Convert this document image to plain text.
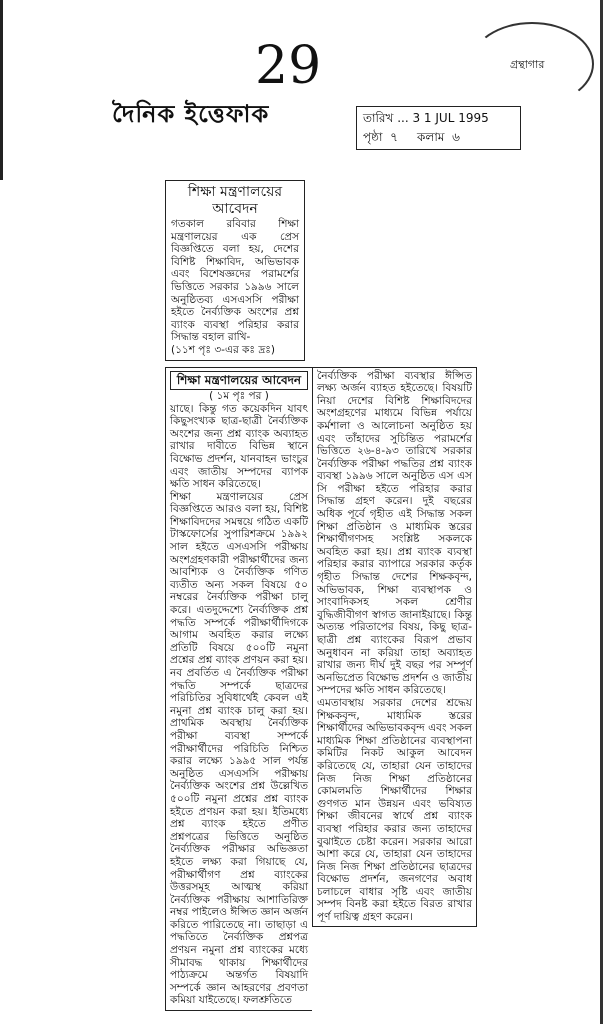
29
দৈনিক ইত্তেফাক
গ্রন্থাগার
তারিখ ... 3 1 JUL 1995
পৃষ্ঠা ৭ কলাম ৬
শিক্ষা মন্ত্রণালয়ের আবেদন

গতকাল রবিবার শিক্ষা মন্ত্রণালয়ের এক প্রেস বিজ্ঞপ্তিতে বলা হয়, দেশের বিশিষ্ট শিক্ষাবিদ, অভিভাবক এবং বিশেষজ্ঞদের পরামর্শের ভিত্তিতে সরকার ১৯৯৬ সালে অনুষ্ঠিতব্য এসএসসি পরীক্ষা হইতে নৈর্ব্যক্তিক অংশের প্রশ্ন ব্যাংক ব্যবস্থা পরিহার করার সিদ্ধান্ত বহাল রাখি-

(১১শ পৃঃ ৩-এর কঃ দ্রঃ)

শিক্ষা মন্ত্রণালয়ের আবেদন
( ১ম পৃঃ পর )

য়াছে। কিন্তু গত কয়েকদিন যাবৎ কিছুসংখ্যক ছাত্র-ছাত্রী নৈর্ব্যক্তিক অংশের জন্য প্রশ্ন ব্যাংক অব্যাহত রাখার দাবীতে বিভিন্ন স্থানে বিক্ষোভ প্রদর্শন, যানবাহন ভাংচুর এবং জাতীয় সম্পদের ব্যাপক ক্ষতি সাধন করিতেছে।

শিক্ষা মন্ত্রণালয়ের প্রেস বিজ্ঞপ্তিতে আরও বলা হয়, বিশিষ্ট শিক্ষাবিদদের সমন্বয়ে গঠিত একটি টাস্কফোর্সের সুপারিশক্রমে ১৯৯২ সাল হইতে এসএসসি পরীক্ষায় অংশগ্রহণকারী পরীক্ষার্থীদের জন্য আবশ্যিক ও নৈর্ব্যক্তিক গণিত ব্যতীত অন্য সকল বিষয়ে ৫০ নম্বরের নৈর্ব্যক্তিক পরীক্ষা চালু করে। এতদুদ্দেশ্যে নৈর্ব্যক্তিক প্রশ্ন পদ্ধতি সম্পর্কে পরীক্ষার্থীদিগকে আগাম অবহিত করার লক্ষ্যে প্রতিটি বিষয়ে ৫০০টি নমুনা প্রশ্নের প্রশ্ন ব্যাংক প্রণয়ন করা হয়। নব প্রবর্তিত এ নৈর্ব্যক্তিক পরীক্ষা পদ্ধতি সম্পর্কে ছাত্রদের পরিচিতির সুবিধার্থেই কেবল এই নমুনা প্রশ্ন ব্যাংক চালু করা হয়। প্রাথমিক অবস্থায় নৈর্ব্যক্তিক পরীক্ষা ব্যবস্থা সম্পর্কে পরীক্ষার্থীদের পরিচিতি নিশ্চিত করার লক্ষ্যে ১৯৯৫ সাল পর্যন্ত অনুষ্ঠিত এসএসসি পরীক্ষায় নৈর্ব্যক্তিক অংশের প্রশ্ন উল্লেখিত ৫০০টি নমুনা প্রশ্নের প্রশ্ন ব্যাংক হইতে প্রণয়ন করা হয়। ইতিমধ্যে প্রশ্ন ব্যাংক হইতে প্রণীত প্রশ্নপত্রের ভিত্তিতে অনুষ্ঠিত নৈর্ব্যক্তিক পরীক্ষার অভিজ্ঞতা হইতে লক্ষ্য করা গিয়াছে যে, পরীক্ষার্থীগণ প্রশ্ন ব্যাংকের উত্তরসমূহ আত্মস্থ করিয়া নৈর্ব্যক্তিক পরীক্ষায় আশাতিরিক্ত নম্বর পাইলেও ঈপ্সিত জ্ঞান অর্জন করিতে পারিতেছে না। তাছাড়া এ পদ্ধতিতে নৈর্ব্যক্তিক প্রশ্নপত্র প্রণয়ন নমুনা প্রশ্ন ব্যাংকের মধ্যে সীমাবদ্ধ থাকায় শিক্ষার্থীদের পাঠ্যক্রমে অন্তর্গত বিষয়াদি সম্পর্কে জ্ঞান আহরণের প্রবণতা কমিয়া যাইতেছে। ফলশ্রুতিতে

নৈর্ব্যক্তিক পরীক্ষা ব্যবস্থার ঈপ্সিত লক্ষ্য অর্জন ব্যাহত হইতেছে। বিষয়টি নিয়া দেশের বিশিষ্ট শিক্ষাবিদদের অংশগ্রহণের মাধ্যমে বিভিন্ন পর্যায়ে কর্মশালা ও আলোচনা অনুষ্ঠিত হয় এবং তাঁহাদের সুচিন্তিত পরামর্শের ভিত্তিতে ২৬-৪-৯৩ তারিখে সরকার নৈর্ব্যক্তিক পরীক্ষা পদ্ধতির প্রশ্ন ব্যাংক ব্যবস্থা ১৯৯৬ সালে অনুষ্ঠিত এস এস সি পরীক্ষা হইতে পরিহার করার সিদ্ধান্ত গ্রহণ করেন। দুই বছরের অধিক পূর্বে গৃহীত এই সিদ্ধান্ত সকল শিক্ষা প্রতিষ্ঠান ও মাধ্যমিক স্তরের শিক্ষার্থীগণসহ সংশ্লিষ্ট সকলকে অবহিত করা হয়। প্রশ্ন ব্যাংক ব্যবস্থা পরিহার করার ব্যাপারে সরকার কর্তৃক গৃহীত সিদ্ধান্ত দেশের শিক্ষকবৃন্দ, অভিভাবক, শিক্ষা ব্যবস্থাপক ও সাংবাদিকসহ সকল শ্রেণীর বুদ্ধিজীবীগণ স্বাগত জানাইয়াছে। কিন্তু অত্যন্ত পরিতাপের বিষয়, কিছু ছাত্র-ছাত্রী প্রশ্ন ব্যাংকের বিরূপ প্রভাব অনুধাবন না করিয়া তাহা অব্যাহত রাখার জন্য দীর্ঘ দুই বছর পর সম্পূর্ণ অনভিপ্রেত বিক্ষোভ প্রদর্শন ও জাতীয় সম্পদের ক্ষতি সাধন করিতেছে।

এমতাবস্থায় সরকার দেশের শ্রদ্ধেয় শিক্ষকবৃন্দ, মাধ্যমিক স্তরের শিক্ষার্থীদের অভিভাবকবৃন্দ এবং সকল মাধ্যমিক শিক্ষা প্রতিষ্ঠানের ব্যবস্থাপনা কমিটির নিকট আকুল আবেদন করিতেছে যে, তাহারা যেন তাহাদের নিজ নিজ শিক্ষা প্রতিষ্ঠানের কোমলমতি শিক্ষার্থীদের শিক্ষার গুণগত মান উন্নয়ন এবং ভবিষ্যত শিক্ষা জীবনের স্বার্থে প্রশ্ন ব্যাংক ব্যবস্থা পরিহার করার জন্য তাহাদের বুঝাইতে চেষ্টা করেন। সরকার আরো আশা করে যে, তাহারা যেন তাহাদের নিজ নিজ শিক্ষা প্রতিষ্ঠানের ছাত্রদের বিক্ষোভ প্রদর্শন, জনগণের অবাধ চলাচলে বাধার সৃষ্টি এবং জাতীয় সম্পদ বিনষ্ট করা হইতে বিরত রাখার পূর্ণ দায়িত্ব গ্রহণ করেন।
